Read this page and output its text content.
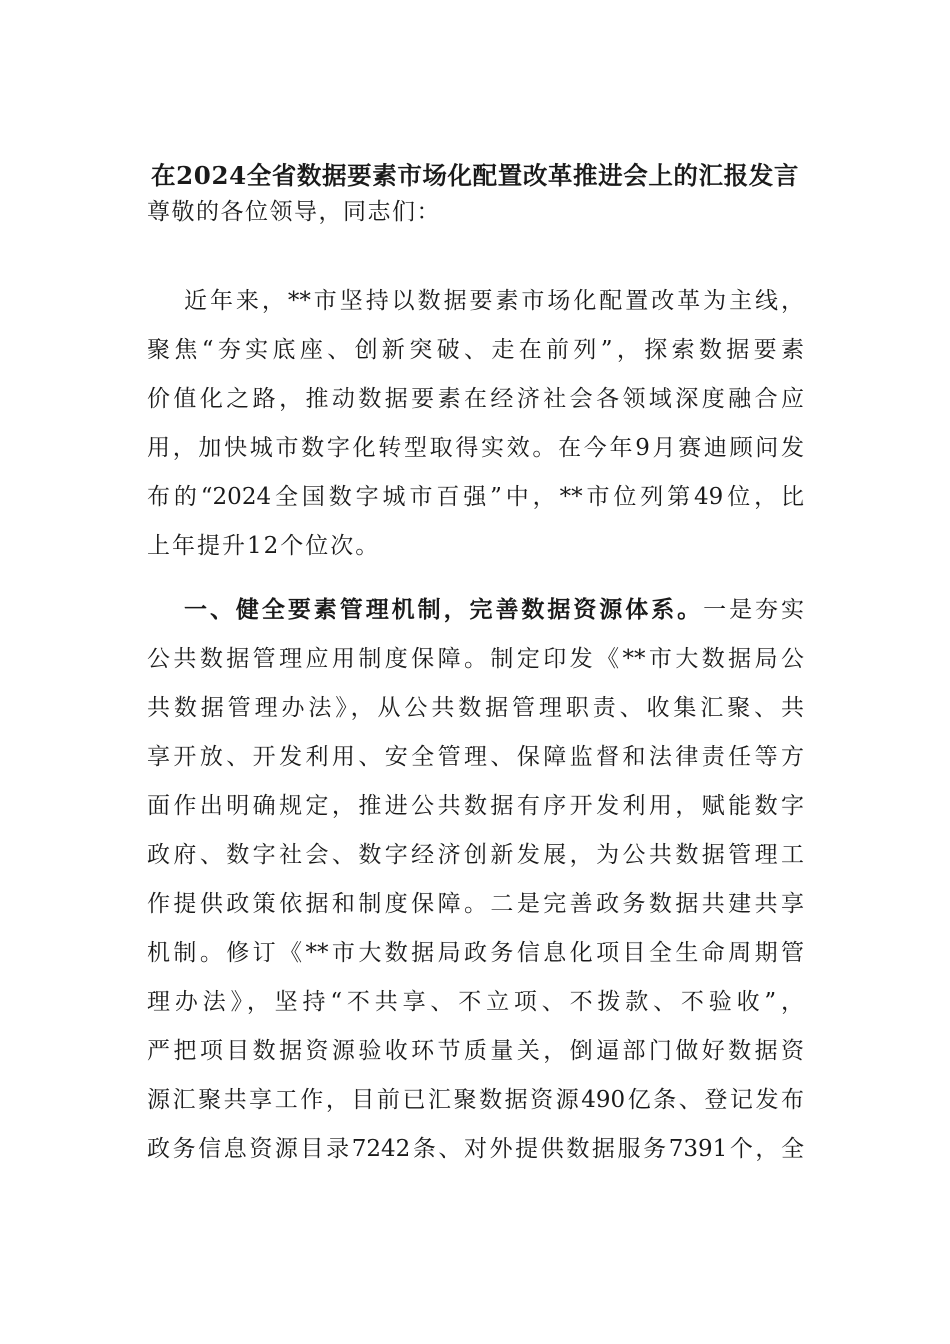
在2024全省数据要素市场化配置改革推进会上的汇报发言
尊敬的各位领导，同志们：
近年来，**市坚持以数据要素市场化配置改革为主线，
聚焦“夯实底座、创新突破、走在前列”，探索数据要素
价值化之路，推动数据要素在经济社会各领域深度融合应
用，加快城市数字化转型取得实效。在今年9月赛迪顾问发
布的“2024全国数字城市百强”中，**市位列第49位，比
上年提升12个位次。
一、健全要素管理机制，完善数据资源体系。一是夯实
公共数据管理应用制度保障。制定印发《**市大数据局公
共数据管理办法》，从公共数据管理职责、收集汇聚、共
享开放、开发利用、安全管理、保障监督和法律责任等方
面作出明确规定，推进公共数据有序开发利用，赋能数字
政府、数字社会、数字经济创新发展，为公共数据管理工
作提供政策依据和制度保障。二是完善政务数据共建共享
机制。修订《**市大数据局政务信息化项目全生命周期管
理办法》，坚持“不共享、不立项、不拨款、不验收”，
严把项目数据资源验收环节质量关，倒逼部门做好数据资
源汇聚共享工作，目前已汇聚数据资源490亿条、登记发布
政务信息资源目录7242条、对外提供数据服务7391个，全
